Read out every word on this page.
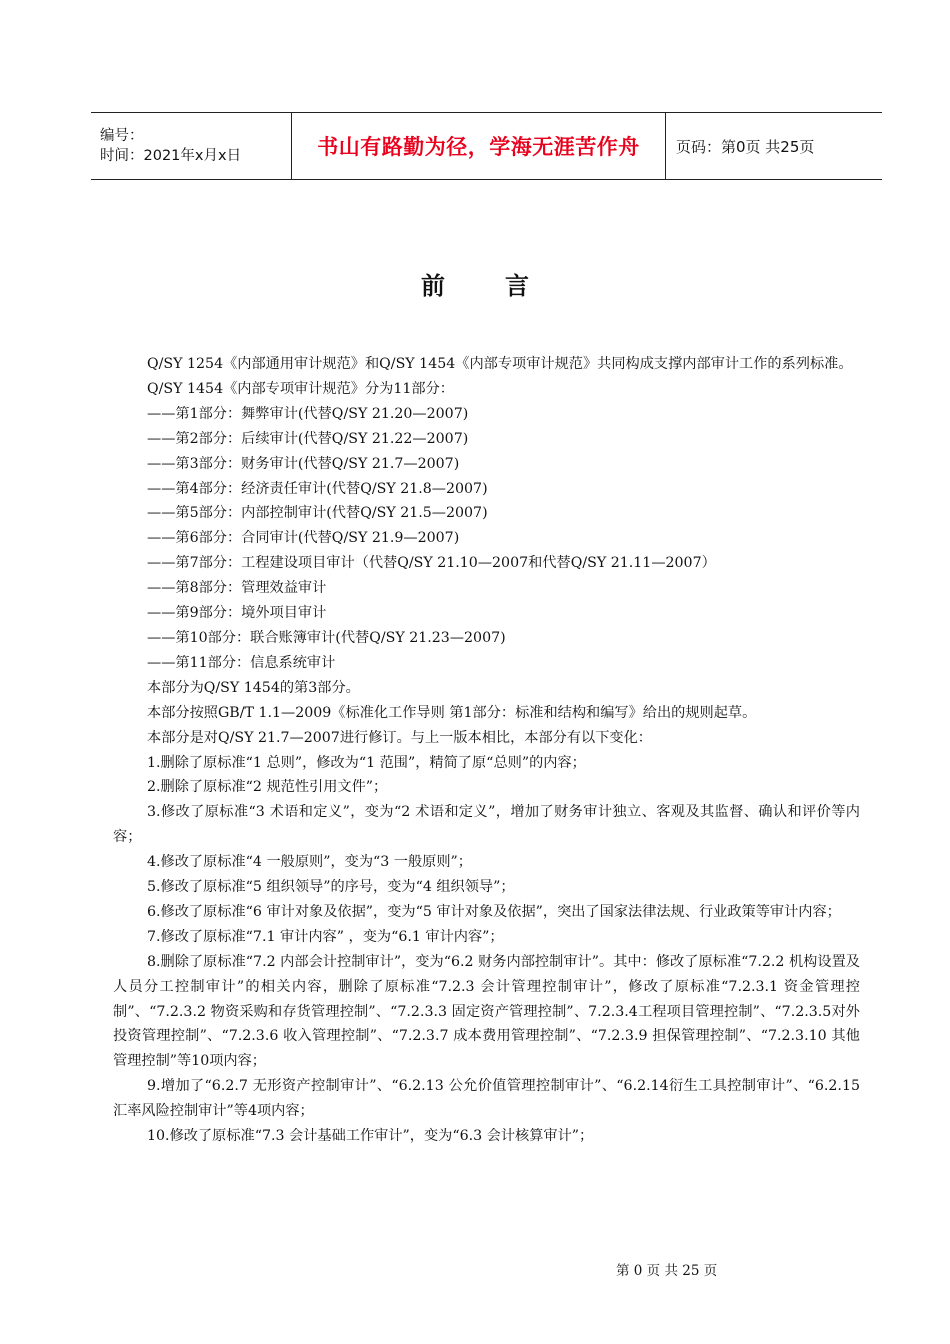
编号：
时间：2021年x月x日	书山有路勤为径，学海无涯苦作舟 页码：第0页 共25页
前	言

Q/SY 1254《内部通用审计规范》和Q/SY 1454《内部专项审计规范》共同构成支撑内部审计工作的系列标准。

Q/SY 1454《内部专项审计规范》分为11部分：

——第1部分：舞弊审计(代替Q/SY 21.20—2007)

——第2部分：后续审计(代替Q/SY 21.22—2007)

——第3部分：财务审计(代替Q/SY 21.7—2007)

——第4部分：经济责任审计(代替Q/SY 21.8—2007)

——第5部分：内部控制审计(代替Q/SY 21.5—2007)

——第6部分：合同审计(代替Q/SY 21.9—2007)

——第7部分：工程建设项目审计（代替Q/SY 21.10—2007和代替Q/SY 21.11—2007）

——第8部分：管理效益审计

——第9部分：境外项目审计

——第10部分：联合账簿审计(代替Q/SY 21.23—2007)

——第11部分：信息系统审计

本部分为Q/SY 1454的第3部分。

本部分按照GB/T 1.1—2009《标准化工作导则 第1部分：标准和结构和编写》给出的规则起草。

本部分是对Q/SY 21.7—2007进行修订。与上一版本相比，本部分有以下变化：

1.删除了原标准“1 总则”，修改为“1 范围”，精简了原“总则”的内容；

2.删除了原标准“2 规范性引用文件”；

3.修改了原标准“3 术语和定义”，变为“2 术语和定义”，增加了财务审计独立、客观及其监督、确认和评价等内容；

4.修改了原标准“4 一般原则”，变为“3 一般原则”；

5.修改了原标准“5 组织领导”的序号，变为“4 组织领导”；

6.修改了原标准“6 审计对象及依据”，变为“5 审计对象及依据”，突出了国家法律法规、行业政策等审计内容；

7.修改了原标准“7.1 审计内容” ，变为“6.1 审计内容”；

8.删除了原标准“7.2 内部会计控制审计”，变为“6.2 财务内部控制审计”。其中：修改了原标准“7.2.2 机构设置及人员分工控制审计”的相关内容，删除了原标准“7.2.3 会计管理控制审计”，修改了原标准“7.2.3.1 资金管理控制”、“7.2.3.2 物资采购和存货管理控制”、“7.2.3.3 固定资产管理控制”、7.2.3.4工程项目管理控制”、“7.2.3.5对外投资管理控制”、“7.2.3.6 收入管理控制”、“7.2.3.7 成本费用管理控制”、“7.2.3.9 担保管理控制”、“7.2.3.10 其他管理控制”等10项内容；

9.增加了“6.2.7 无形资产控制审计”、“6.2.13 公允价值管理控制审计”、“6.2.14衍生工具控制审计”、“6.2.15 汇率风险控制审计”等4项内容；

10.修改了原标准“7.3 会计基础工作审计”，变为“6.3 会计核算审计”；

第 0 页 共 25 页
